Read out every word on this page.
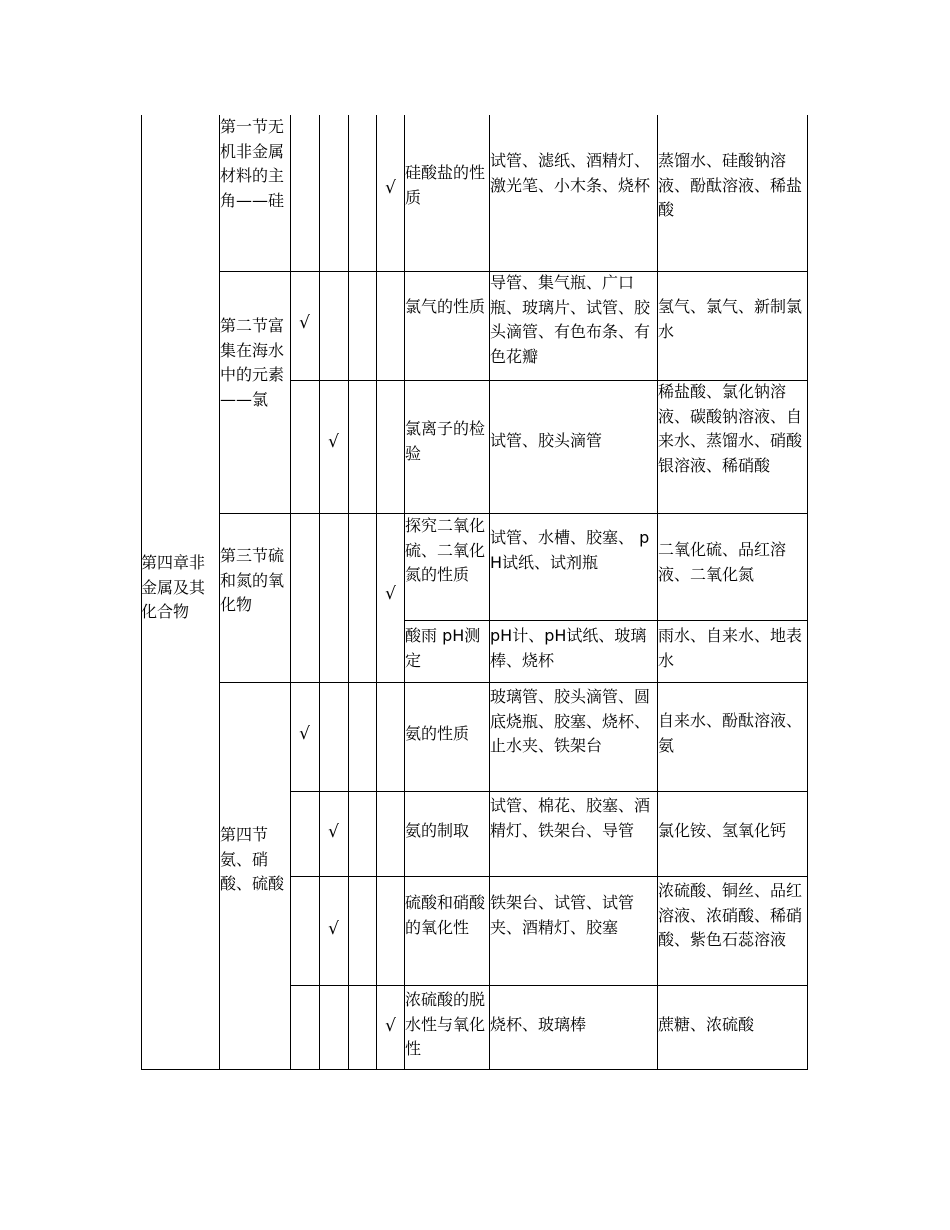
第四章非金属及其化合物
第一节无机非金属材料的主角——硅
第二节富集在海水中的元素——氯
第三节硫和氮的氧化物
第四节氨、硝酸、硫酸
√
√
√
√
√
√
√
√
硅酸盐的性质
氯气的性质
氯离子的检验
探究二氧化硫、二氧化氮的性质
酸雨 pH测定
氨的性质
氨的制取
硫酸和硝酸的氧化性
浓硫酸的脱水性与氧化性
试管、滤纸、酒精灯、激光笔、小木条、烧杯
导管、集气瓶、广口瓶、玻璃片、试管、胶头滴管、有色布条、有色花瓣
试管、胶头滴管
试管、水槽、胶塞、 pH试纸、试剂瓶
pH计、pH试纸、玻璃棒、烧杯
玻璃管、胶头滴管、圆底烧瓶、胶塞、烧杯、止水夹、铁架台
试管、棉花、胶塞、酒精灯、铁架台、导管
铁架台、试管、试管夹、酒精灯、胶塞
烧杯、玻璃棒
蒸馏水、硅酸钠溶液、酚酞溶液、稀盐酸
氢气、氯气、新制氯水
稀盐酸、氯化钠溶液、碳酸钠溶液、自来水、蒸馏水、硝酸银溶液、稀硝酸
二氧化硫、品红溶液、二氧化氮
雨水、自来水、地表水
自来水、酚酞溶液、氨
氯化铵、氢氧化钙
浓硫酸、铜丝、品红溶液、浓硝酸、稀硝酸、紫色石蕊溶液
蔗糖、浓硫酸
